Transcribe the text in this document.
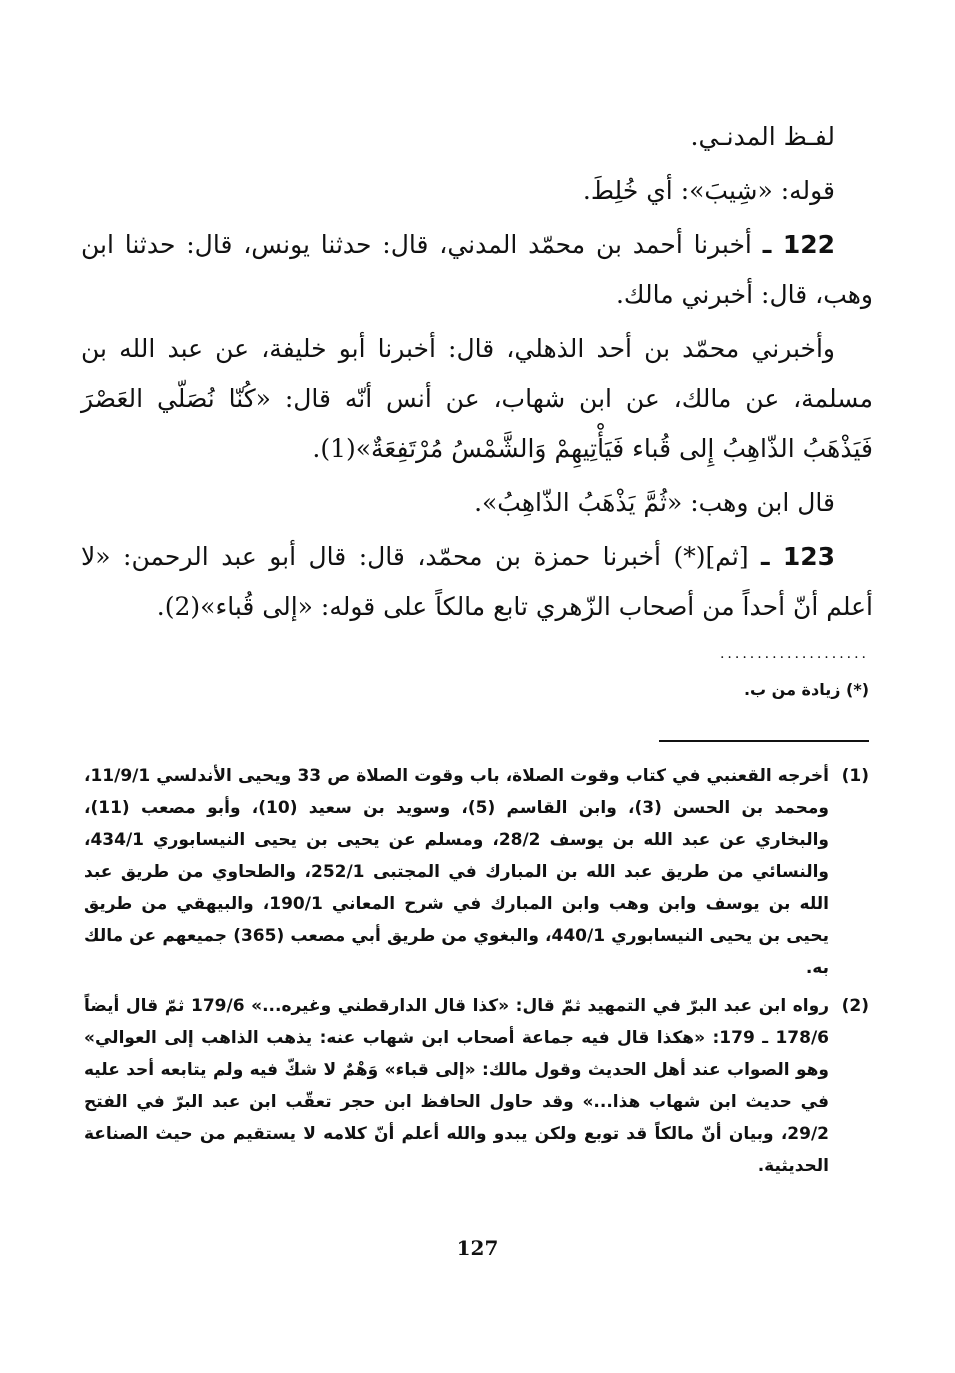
لفـظ المدنـي.

قوله: «شِيبَ»: أي خُلِطَ.

122 ـ أخبرنا أحمد بن محمّد المدني، قال: حدثنا يونس، قال: حدثنا ابن وهب، قال: أخبرني مالك.

وأخبرني محمّد بن أحد الذهلي، قال: أخبرنا أبو خليفة، عن عبد الله بن مسلمة، عن مالك، عن ابن شهاب، عن أنس أنّه قال: «كُنّا نُصَلّي العَصْرَ فَيَذْهَبُ الذّاهِبُ إِلى قُباء فَيَأْتِيهِمْ وَالشَّمْسُ مُرْتَفِعَةٌ»(1).

قال ابن وهب: «ثُمَّ يَذْهَبُ الذّاهِبُ».

123 ـ [ثم](*) أخبرنا حمزة بن محمّد، قال: قال أبو عبد الرحمن: «لا أعلم أنّ أحداً من أصحاب الزّهري تابع مالكاً على قوله: «إلى قُباء»(2).

....................
(*) زيادة من ب.
(1)
أخرجه القعنبي في كتاب وقوت الصلاة، باب وقوت الصلاة ص 33 ويحيى الأندلسي 11/9/1، ومحمد بن الحسن (3)، وابن القاسم (5)، وسويد بن سعيد (10)، وأبو مصعب (11)، والبخاري عن عبد الله بن يوسف 28/2، ومسلم عن يحيى بن يحيى النيسابوري 434/1، والنسائي من طريق عبد الله بن المبارك في المجتبى 252/1، والطحاوي من طريق عبد الله بن يوسف وابن وهب وابن المبارك في شرح المعاني 190/1، والبيهقي من طريق يحيى بن يحيى النيسابوري 440/1، والبغوي من طريق أبي مصعب (365) جميعهم عن مالك به.
(2)
رواه ابن عبد البرّ في التمهيد ثمّ قال: «كذا قال الدارقطني وغيره...» 179/6 ثمّ قال أيضاً 178/6 ـ 179: «هكذا قال فيه جماعة أصحاب ابن شهاب عنه: يذهب الذاهب إلى العوالي» وهو الصواب عند أهل الحديث وقول مالك: «إلى قباء» وَهْمٌ لا شكّ فيه ولم يتابعه أحد عليه في حديث ابن شهاب هذا...» وقد حاول الحافظ ابن حجر تعقّب ابن عبد البرّ في الفتح 29/2، وبيان أنّ مالكاً قد توبع ولكن يبدو والله أعلم أنّ كلامه لا يستقيم من حيث الصناعة الحديثية.
127
